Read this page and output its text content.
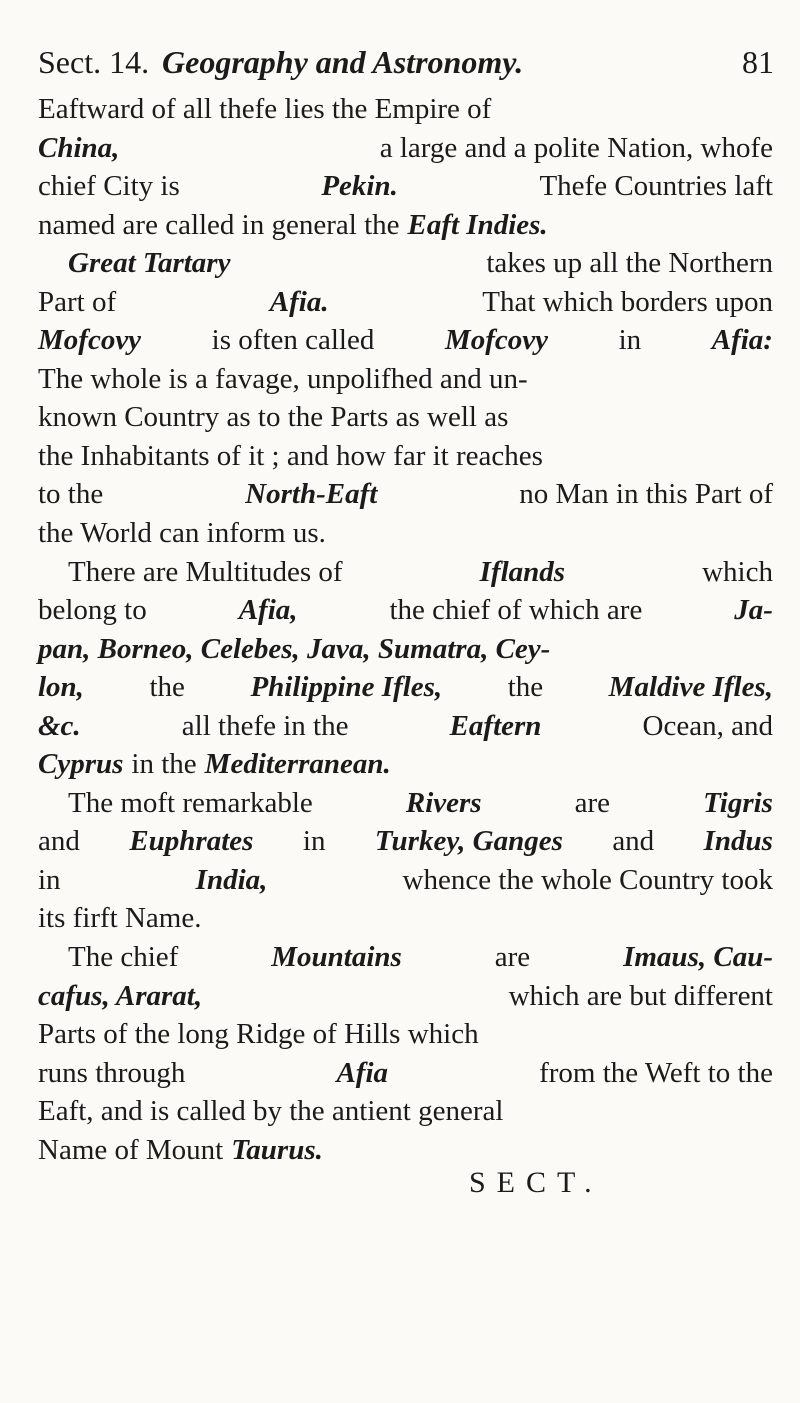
Sect. 14. Geography and Astronomy.	81
Eaftward of all thefe lies the Empire of
China,	a large and a polite Nation, whofe
chief City is	Pekin.	Thefe Countries laft
named are called in general the Eaft Indies.
Great Tartary	takes up all the Northern
Part of	Afia.	That which borders upon
Mofcovy is often called Mofcovy in Afia:
The whole is a favage, unpolifhed and un-
known Country as to the Parts as well as
the Inhabitants of it ; and how far it reaches
to the	North-Eaft	no Man in this Part of
the World can inform us.
There are Multitudes of	Iflands	which
belong to	Afia,	the chief of which are	Ja-
pan, Borneo, Celebes, Java, Sumatra, Cey-
lon, the Philippine Ifles, the Maldive Ifles,
&c.	all thefe in the	Eaftern	Ocean, and
Cyprus in the Mediterranean.
The moft remarkable	Rivers	are	Tigris
and Euphrates in Turkey, Ganges and Indus
in	India,	whence the whole Country took
its firft Name.
The chief	Mountains	are	Imaus, Cau-
cafus, Ararat,	which are but different
Parts of the long Ridge of Hills which
runs through	Afia	from the Weft to the
Eaft, and is called by the antient general
Name of Mount Taurus.
SECT.
